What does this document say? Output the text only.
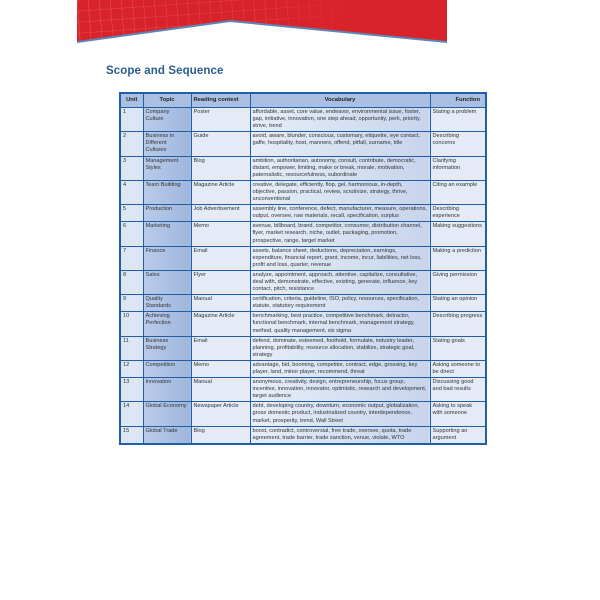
Scope and Sequence
Unit	Topic	Reading context	Vocabulary	Function
1	Company Culture	Poster	affordable, asset, core value, endeavor, environmental issue, foster, gap, initiative, innovation, one step ahead, opportunity, perk, priority, strive, trend	Stating a problem
2	Business in Different Cultures	Guide	avoid, aware, blunder, conscious, customary, etiquette, eye contact, gaffe, hospitality, host, manners, offend, pitfall, surname, title	Describing concerns
3	Management Styles	Blog	ambition, authoritarian, autonomy, consult, contribute, democratic, distant, empower, limiting, make or break, morale, motivation, paternalistic, resourcefulness, subordinate	Clarifying information
4	Team Building	Magazine Article	creative, delegate, efficiently, flop, gel, harmonious, in-depth, objective, passion, practical, review, scrutinize, strategy, thrive, unconventional	Citing an example
5	Production	Job Advertisement	assembly line, conference, defect, manufacturer, measure, operations, output, oversee, raw materials, recall, specification, surplus	Describing experience
6	Marketing	Memo	avenue, billboard, brand, competitor, consumer, distribution channel, flyer, market research, niche, outlet, packaging, promotion, prospective, range, target market	Making suggestions
7	Finance	Email	assets, balance sheet, deductions, depreciation, earnings, expenditure, financial report, grant, income, incur, liabilities, net loss, profit and loss, quarter, revenue	Making a prediction
8	Sales	Flyer	analyze, appointment, approach, attentive, capitalize, consultative, deal with, demonstrate, effective, existing, generate, influence, key contact, pitch, resistance	Giving permission
9	Quality Standards	Manual	certification, criteria, guideline, ISO, policy, resources, specification, statute, statutory requirement	Stating an opinion
10	Achieving Perfection	Magazine Article	benchmarking, best practice, competitive benchmark, detractor, functional benchmark, internal benchmark, management strategy, method, quality management, six sigma	Describing progress
11	Business Strategy	Email	defend, dominate, esteemed, foothold, formulate, industry leader, planning, profitability, resource allocation, stabilize, strategic goal, strategy	Stating goals
12	Competition	Memo	advantage, bid, booming, competitor, contract, edge, grossing, key player, land, minor player, recommend, threat	Asking someone to be direct
13	Innovation	Manual	anonymous, creativity, design, entrepreneurship, focus group, incentive, innovation, innovator, optimistic, research and development, target audience	Discussing good and bad results
14	Global Economy	Newspaper Article	debt, developing country, downturn, economic output, globalization, gross domestic product, industrialized country, interdependence, market, prosperity, trend, Wall Street	Asking to speak with someone
15	Global Trade	Blog	boost, contradict, controversial, free trade, oversee, quota, trade agreement, trade barrier, trade sanction, venue, violate, WTO	Supporting an argument
